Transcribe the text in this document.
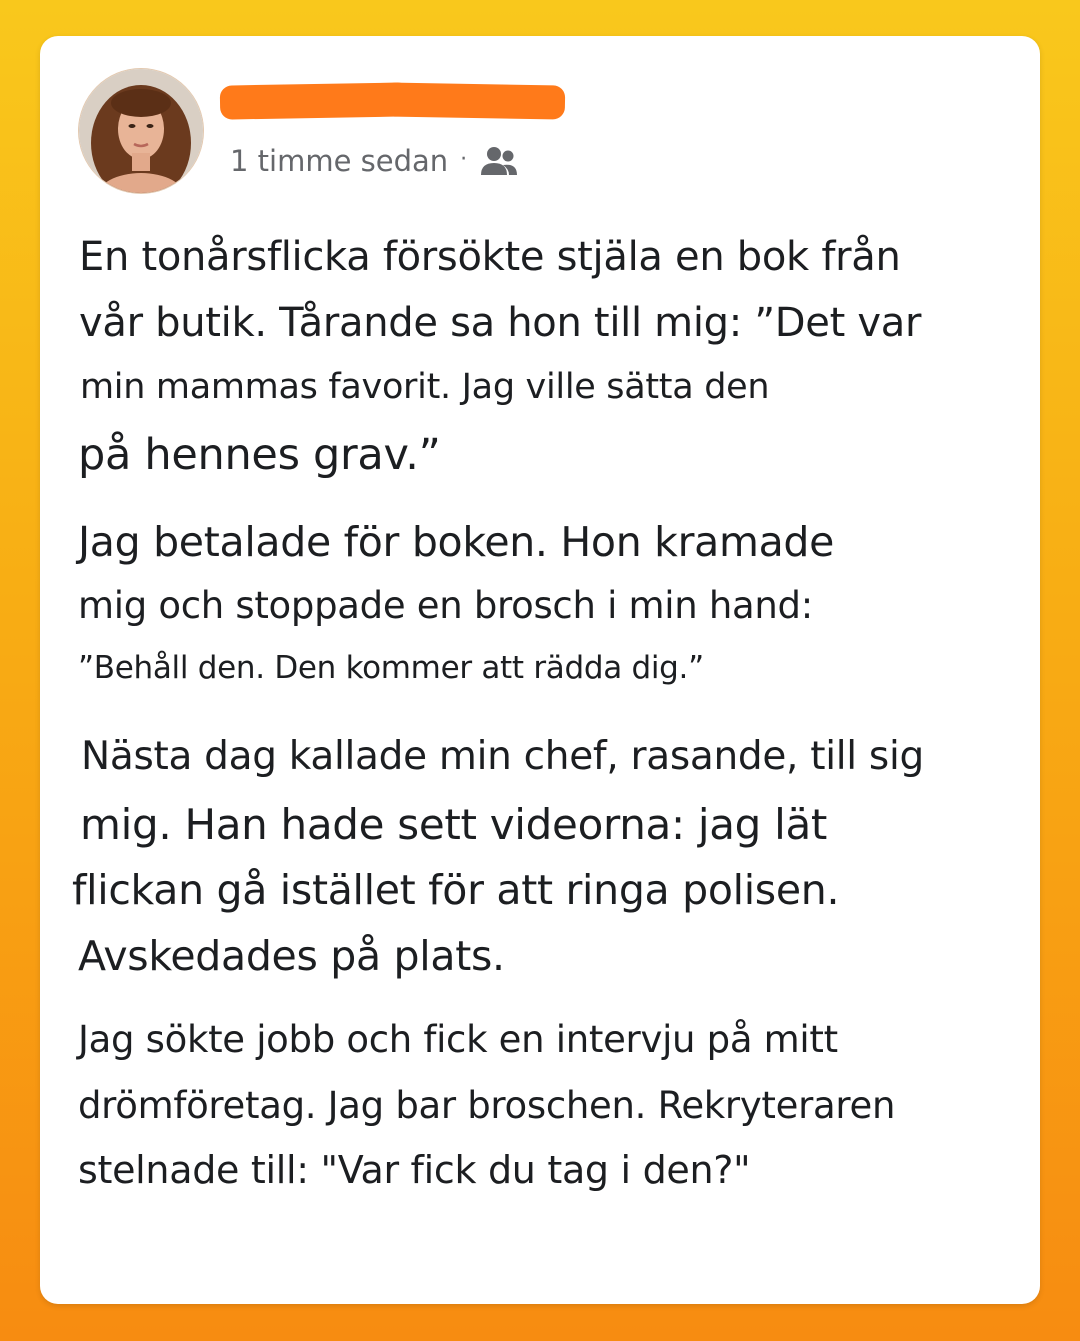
1 timme sedan ·

En tonårsflicka försökte stjäla en bok från

vår butik. Tårande sa hon till mig: ”Det var

min mammas favorit. Jag ville sätta den

på hennes grav.”

Jag betalade för boken. Hon kramade

mig och stoppade en brosch i min hand:

”Behåll den. Den kommer att rädda dig.”

Nästa dag kallade min chef, rasande, till sig

mig. Han hade sett videorna: jag lät

flickan gå istället för att ringa polisen.

Avskedades på plats.

Jag sökte jobb och fick en intervju på mitt

drömföretag. Jag bar broschen. Rekryteraren

stelnade till: "Var fick du tag i den?"
